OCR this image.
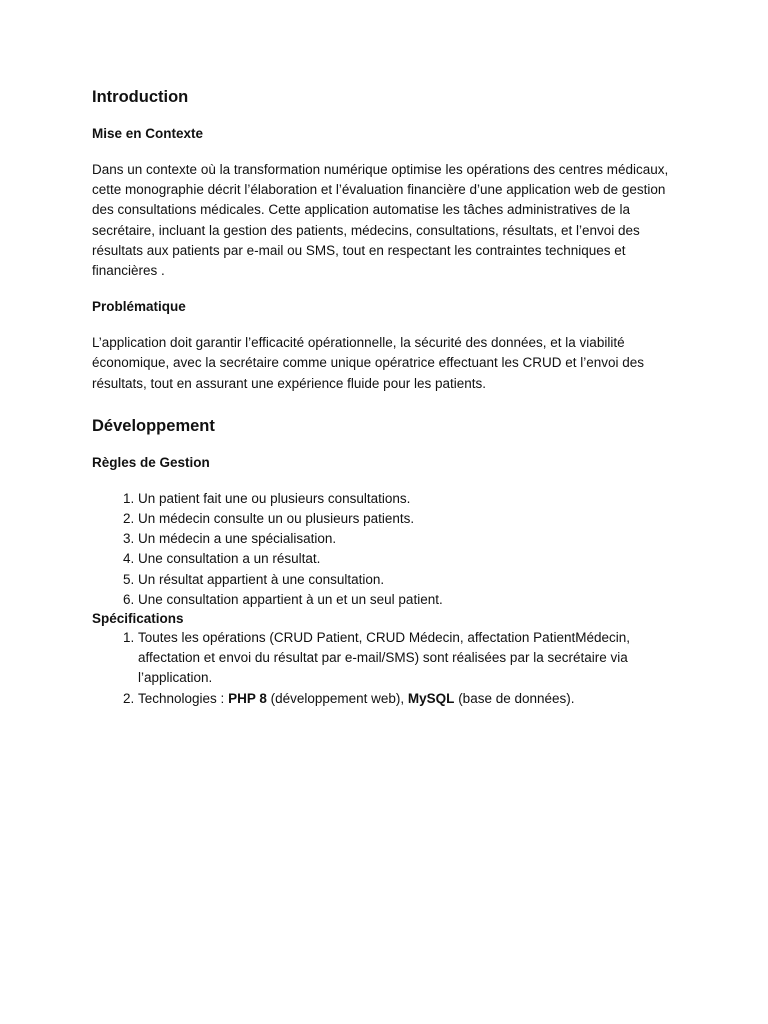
Introduction
Mise en Contexte

Dans un contexte où la transformation numérique optimise les opérations des centres médicaux, cette monographie décrit l’élaboration et l’évaluation financière d’une application web de gestion des consultations médicales. Cette application automatise les tâches administratives de la secrétaire, incluant la gestion des patients, médecins, consultations, résultats, et l’envoi des résultats aux patients par e-mail ou SMS, tout en respectant les contraintes techniques et financières .

Problématique

L’application doit garantir l’efficacité opérationnelle, la sécurité des données, et la viabilité économique, avec la secrétaire comme unique opératrice effectuant les CRUD et l’envoi des résultats, tout en assurant une expérience fluide pour les patients.

Développement
Règles de Gestion
1. Un patient fait une ou plusieurs consultations.
2. Un médecin consulte un ou plusieurs patients.
3. Un médecin a une spécialisation.
4. Une consultation a un résultat.
5. Un résultat appartient à une consultation.
6. Une consultation appartient à un et un seul patient.
Spécifications
1. Toutes les opérations (CRUD Patient, CRUD Médecin, affectation PatientMédecin, affectation et envoi du résultat par e-mail/SMS) sont réalisées par la secrétaire via l’application.
2. Technologies : PHP 8 (développement web), MySQL (base de données).
